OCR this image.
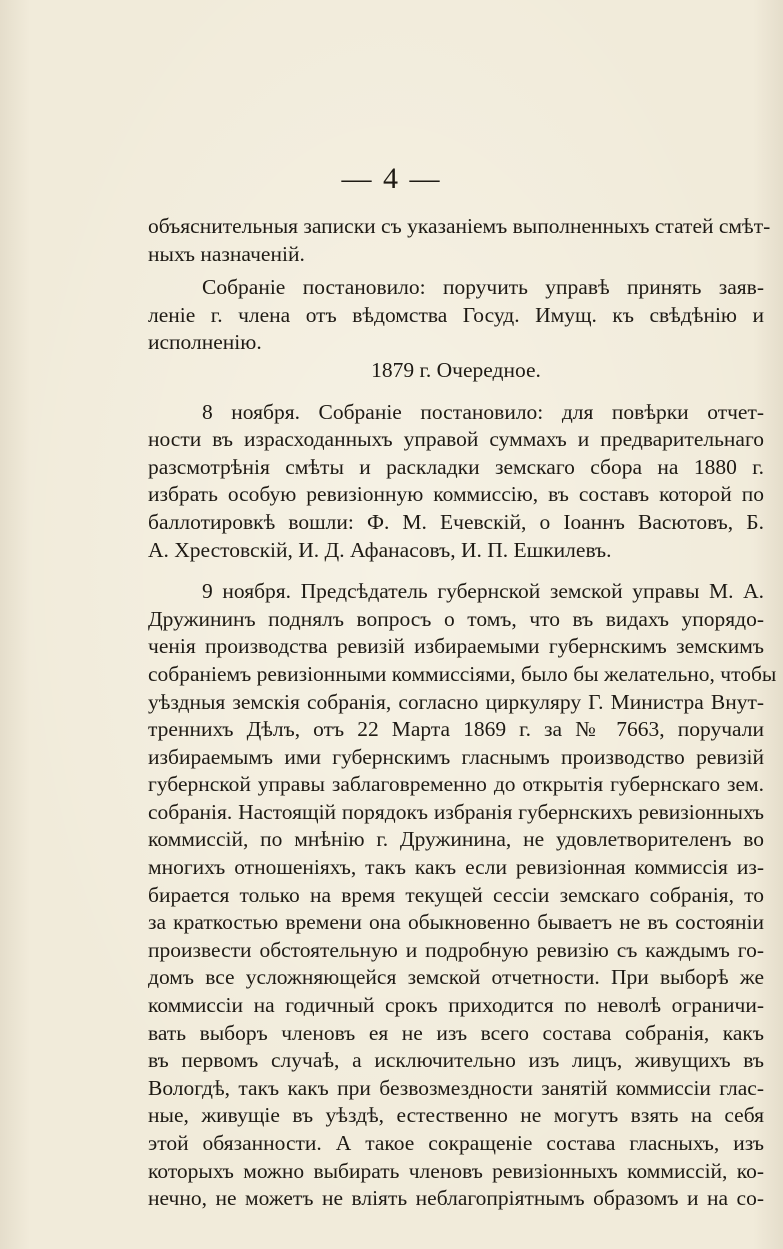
— 4 —
объяснительныя записки съ указаніемъ выполненныхъ статей смѣт-
ныхъ назначеній.
Собраніе постановило: поручить управѣ принять заяв-
леніе г. члена отъ вѣдомства Госуд. Имущ. къ свѣдѣнію и
исполненію.
1879 г. Очередное.
8 ноября. Собраніе постановило: для повѣрки отчет-
ности въ израсходанныхъ управой суммахъ и предварительнаго
разсмотрѣнія смѣты и раскладки земскаго сбора на 1880 г.
избрать особую ревизіонную коммиссію, въ составъ которой по
баллотировкѣ вошли: Ф. М. Ечевскій, о Іоаннъ Васютовъ, Б.
А. Хрестовскій, И. Д. Афанасовъ, И. П. Ешкилевъ.
9 ноября. Предсѣдатель губернской земской управы М. А.
Дружининъ поднялъ вопросъ о томъ, что въ видахъ упорядо-
ченія производства ревизій избираемыми губернскимъ земскимъ
собраніемъ ревизіонными коммиссіями, было бы желательно, чтобы
уѣздныя земскія собранія, согласно циркуляру Г. Министра Внут-
треннихъ Дѣлъ, отъ 22 Марта 1869 г. за № 7663, поручали
избираемымъ ими губернскимъ гласнымъ производство ревизій
губернской управы заблаговременно до открытія губернскаго зем.
собранія. Настоящій порядокъ избранія губернскихъ ревизіонныхъ
коммиссій, по мнѣнію г. Дружинина, не удовлетворителенъ во
многихъ отношеніяхъ, такъ какъ если ревизіонная коммиссія из-
бирается только на время текущей сессіи земскаго собранія, то
за краткостью времени она обыкновенно бываетъ не въ состояніи
произвести обстоятельную и подробную ревизію съ каждымъ го-
домъ все усложняющейся земской отчетности. При выборѣ же
коммиссіи на годичный срокъ приходится по неволѣ ограничи-
вать выборъ членовъ ея не изъ всего состава собранія, какъ
въ первомъ случаѣ, а исключительно изъ лицъ, живущихъ въ
Вологдѣ, такъ какъ при безвозмездности занятій коммиссіи глас-
ные, живущіе въ уѣздѣ, естественно не могутъ взять на себя
этой обязанности. А такое сокращеніе состава гласныхъ, изъ
которыхъ можно выбирать членовъ ревизіонныхъ коммиссій, ко-
нечно, не можетъ не вліять неблагопріятнымъ образомъ и на со-
